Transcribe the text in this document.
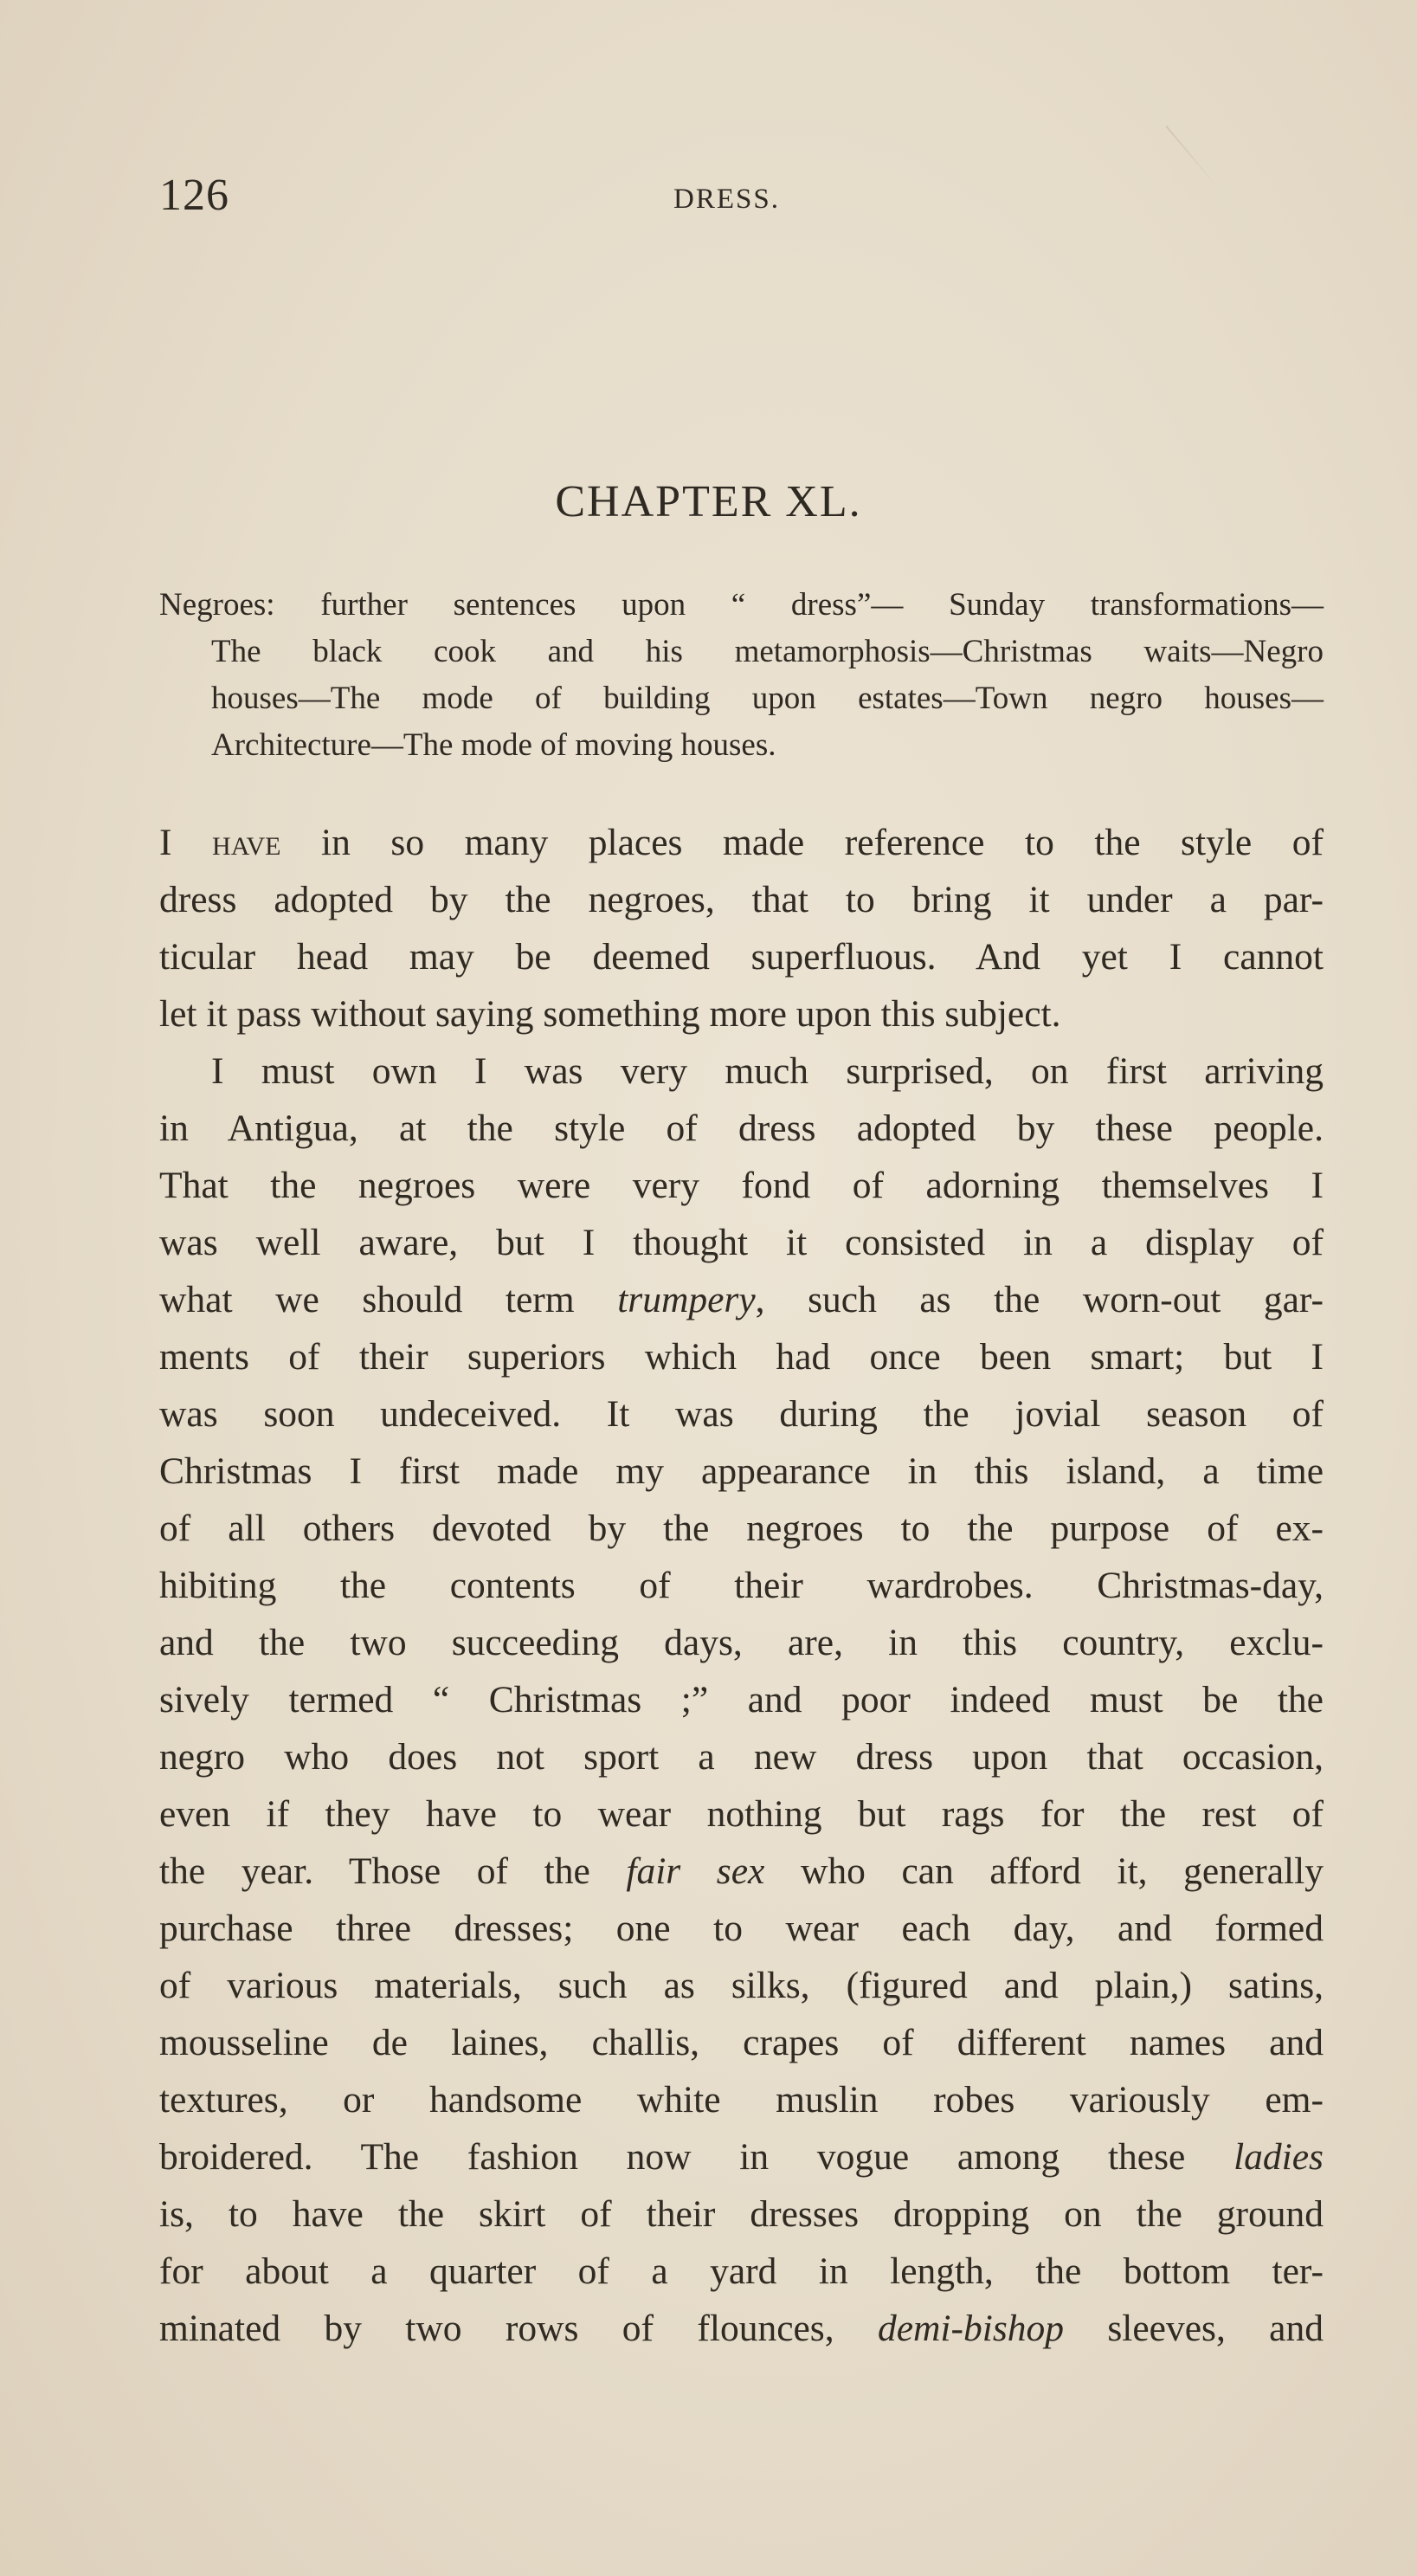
126	DRESS.
CHAPTER XL.
Negroes: further sentences upon “ dress”— Sunday transformations—
The black cook and his metamorphosis—Christmas waits—Negro
houses—The mode of building upon estates—Town negro houses—
Architecture—The mode of moving houses.
I have in so many places made reference to the style of
dress adopted by the negroes, that to bring it under a par-
ticular head may be deemed superfluous. And yet I cannot
let it pass without saying something more upon this subject.
I must own I was very much surprised, on first arriving
in Antigua, at the style of dress adopted by these people.
That the negroes were very fond of adorning themselves I
was well aware, but I thought it consisted in a display of
what we should term trumpery, such as the worn-out gar-
ments of their superiors which had once been smart; but I
was soon undeceived. It was during the jovial season of
Christmas I first made my appearance in this island, a time
of all others devoted by the negroes to the purpose of ex-
hibiting the contents of their wardrobes. Christmas-day,
and the two succeeding days, are, in this country, exclu-
sively termed “ Christmas ;” and poor indeed must be the
negro who does not sport a new dress upon that occasion,
even if they have to wear nothing but rags for the rest of
the year. Those of the fair sex who can afford it, generally
purchase three dresses; one to wear each day, and formed
of various materials, such as silks, (figured and plain,) satins,
mousseline de laines, challis, crapes of different names and
textures, or handsome white muslin robes variously em-
broidered. The fashion now in vogue among these ladies
is, to have the skirt of their dresses dropping on the ground
for about a quarter of a yard in length, the bottom ter-
minated by two rows of flounces, demi-bishop sleeves, and
